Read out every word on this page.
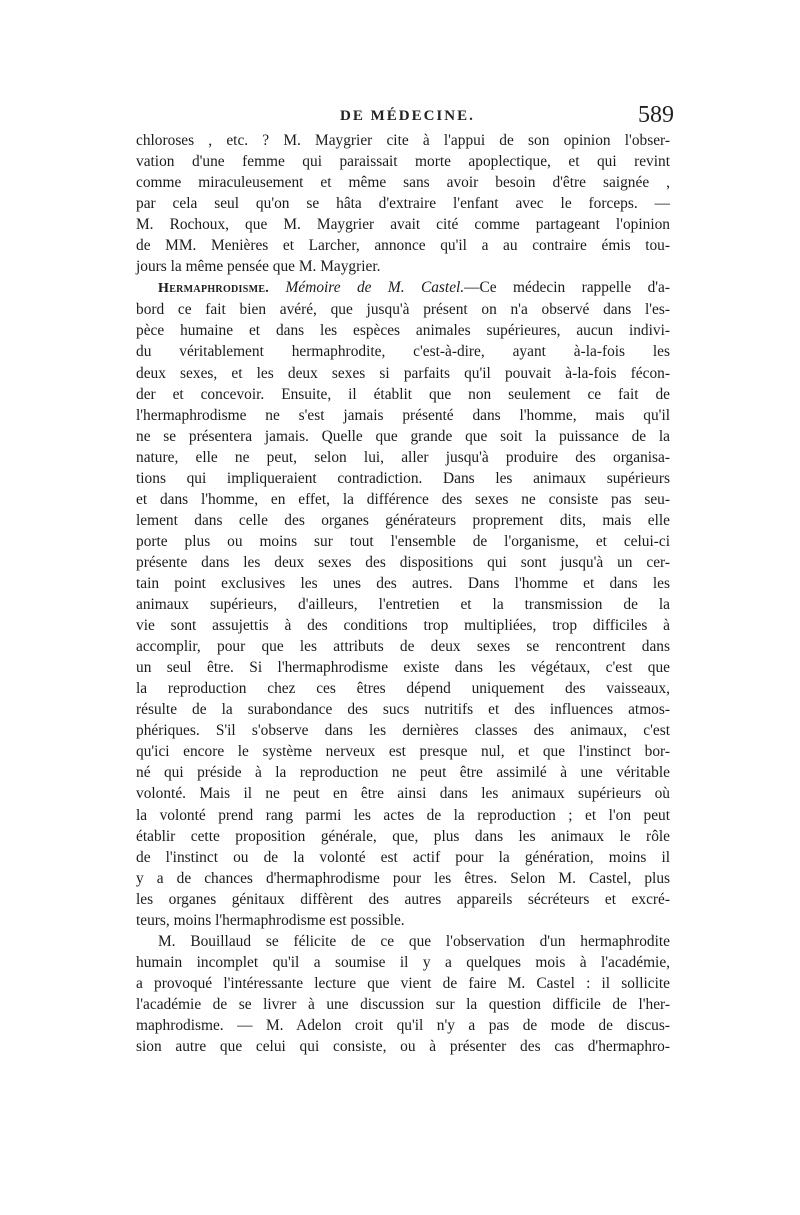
DE MÉDECINE.	589
chloroses , etc. ? M. Maygrier cite à l'appui de son opinion l'obser-
vation d'une femme qui paraissait morte apoplectique, et qui revint
comme miraculeusement et même sans avoir besoin d'être saignée ,
par cela seul qu'on se hâta d'extraire l'enfant avec le forceps. —
M. Rochoux, que M. Maygrier avait cité comme partageant l'opinion
de MM. Menières et Larcher, annonce qu'il a au contraire émis tou-
jours la même pensée que M. Maygrier.
Hermaphrodisme. Mémoire de M. Castel.—Ce médecin rappelle d'a-
bord ce fait bien avéré, que jusqu'à présent on n'a observé dans l'es-
pèce humaine et dans les espèces animales supérieures, aucun indivi-
du véritablement hermaphrodite, c'est-à-dire, ayant à-la-fois les
deux sexes, et les deux sexes si parfaits qu'il pouvait à-la-fois fécon-
der et concevoir. Ensuite, il établit que non seulement ce fait de
l'hermaphrodisme ne s'est jamais présenté dans l'homme, mais qu'il
ne se présentera jamais. Quelle que grande que soit la puissance de la
nature, elle ne peut, selon lui, aller jusqu'à produire des organisa-
tions qui impliqueraient contradiction. Dans les animaux supérieurs
et dans l'homme, en effet, la différence des sexes ne consiste pas seu-
lement dans celle des organes générateurs proprement dits, mais elle
porte plus ou moins sur tout l'ensemble de l'organisme, et celui-ci
présente dans les deux sexes des dispositions qui sont jusqu'à un cer-
tain point exclusives les unes des autres. Dans l'homme et dans les
animaux supérieurs, d'ailleurs, l'entretien et la transmission de la
vie sont assujettis à des conditions trop multipliées, trop difficiles à
accomplir, pour que les attributs de deux sexes se rencontrent dans
un seul être. Si l'hermaphrodisme existe dans les végétaux, c'est que
la reproduction chez ces êtres dépend uniquement des vaisseaux,
résulte de la surabondance des sucs nutritifs et des influences atmos-
phériques. S'il s'observe dans les dernières classes des animaux, c'est
qu'ici encore le système nerveux est presque nul, et que l'instinct bor-
né qui préside à la reproduction ne peut être assimilé à une véritable
volonté. Mais il ne peut en être ainsi dans les animaux supérieurs où
la volonté prend rang parmi les actes de la reproduction ; et l'on peut
établir cette proposition générale, que, plus dans les animaux le rôle
de l'instinct ou de la volonté est actif pour la génération, moins il
y a de chances d'hermaphrodisme pour les êtres. Selon M. Castel, plus
les organes génitaux diffèrent des autres appareils sécréteurs et excré-
teurs, moins l'hermaphrodisme est possible.
M. Bouillaud se félicite de ce que l'observation d'un hermaphrodite
humain incomplet qu'il a soumise il y a quelques mois à l'académie,
a provoqué l'intéressante lecture que vient de faire M. Castel : il sollicite
l'académie de se livrer à une discussion sur la question difficile de l'her-
maphrodisme. — M. Adelon croit qu'il n'y a pas de mode de discus-
sion autre que celui qui consiste, ou à présenter des cas d'hermaphro-
